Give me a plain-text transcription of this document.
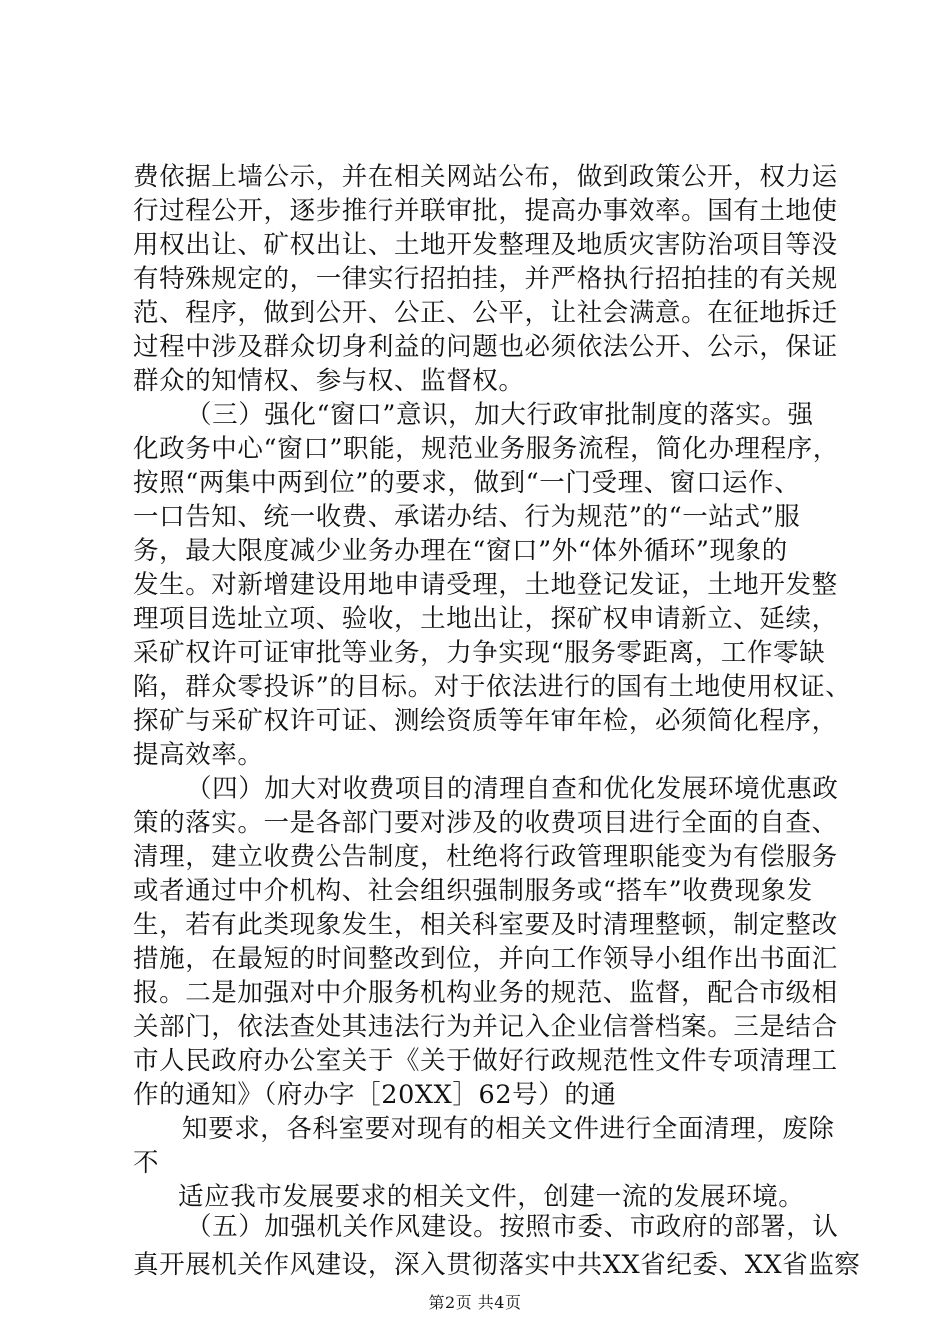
费依据上墙公示，并在相关网站公布，做到政策公开，权力运
行过程公开，逐步推行并联审批，提高办事效率。国有土地使
用权出让、矿权出让、土地开发整理及地质灾害防治项目等没
有特殊规定的，一律实行招拍挂，并严格执行招拍挂的有关规
范、程序，做到公开、公正、公平，让社会满意。在征地拆迁
过程中涉及群众切身利益的问题也必须依法公开、公示，保证
群众的知情权、参与权、监督权。
（三）强化“窗口”意识，加大行政审批制度的落实。强
化政务中心“窗口”职能，规范业务服务流程，简化办理程序，
按照“两集中两到位”的要求，做到“一门受理、窗口运作、
一口告知、统一收费、承诺办结、行为规范”的“一站式”服
务，最大限度减少业务办理在“窗口”外“体外循环”现象的
发生。对新增建设用地申请受理，土地登记发证，土地开发整
理项目选址立项、验收，土地出让，探矿权申请新立、延续，
采矿权许可证审批等业务，力争实现“服务零距离，工作零缺
陷，群众零投诉”的目标。对于依法进行的国有土地使用权证、
探矿与采矿权许可证、测绘资质等年审年检，必须简化程序，
提高效率。
（四）加大对收费项目的清理自查和优化发展环境优惠政
策的落实。一是各部门要对涉及的收费项目进行全面的自查、
清理，建立收费公告制度，杜绝将行政管理职能变为有偿服务
或者通过中介机构、社会组织强制服务或“搭车”收费现象发
生，若有此类现象发生，相关科室要及时清理整顿，制定整改
措施，在最短的时间整改到位，并向工作领导小组作出书面汇
报。二是加强对中介服务机构业务的规范、监督，配合市级相
关部门，依法查处其违法行为并记入企业信誉档案。三是结合
市人民政府办公室关于《关于做好行政规范性文件专项清理工
作的通知》（府办字［20XX］62号）的通
知要求，各科室要对现有的相关文件进行全面清理，废除
不
适应我市发展要求的相关文件，创建一流的发展环境。
（五）加强机关作风建设。按照市委、市政府的部署，认
真开展机关作风建设，深入贯彻落实中共XX省纪委、XX省监察
第2页 共4页
